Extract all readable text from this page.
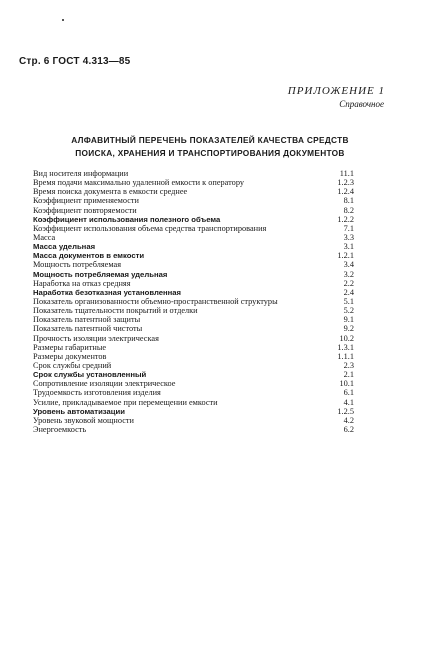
Стр. 6 ГОСТ 4.313—85
ПРИЛОЖЕНИЕ 1
Справочное
АЛФАВИТНЫЙ ПЕРЕЧЕНЬ ПОКАЗАТЕЛЕЙ КАЧЕСТВА СРЕДСТВ
ПОИСКА, ХРАНЕНИЯ И ТРАНСПОРТИРОВАНИЯ ДОКУМЕНТОВ
Вид носителя информации	11.1
Время подачи максимально удаленной емкости к оператору	1.2.3
Время поиска документа в емкости среднее	1.2.4
Коэффициент применяемости	8.1
Коэффициент повторяемости	8.2
Коэффициент использования полезного объема	1.2.2
Коэффициент использования объема средства транспортирования	7.1
Масса	3.3
Масса удельная	3.1
Масса документов в емкости	1.2.1
Мощность потребляемая	3.4
Мощность потребляемая удельная	3.2
Наработка на отказ средняя	2.2
Наработка безотказная установленная	2.4
Показатель организованности объемно-пространственной структуры	5.1
Показатель тщательности покрытий и отделки	5.2
Показатель патентной защиты	9.1
Показатель патентной чистоты	9.2
Прочность изоляции электрическая	10.2
Размеры габаритные	1.3.1
Размеры документов	1.1.1
Срок службы средний	2.3
Срок службы установленный	2.1
Сопротивление изоляции электрическое	10.1
Трудоемкость изготовления изделия	6.1
Усилие, прикладываемое при перемещении емкости	4.1
Уровень автоматизации	1.2.5
Уровень звуковой мощности	4.2
Энергоемкость	6.2
